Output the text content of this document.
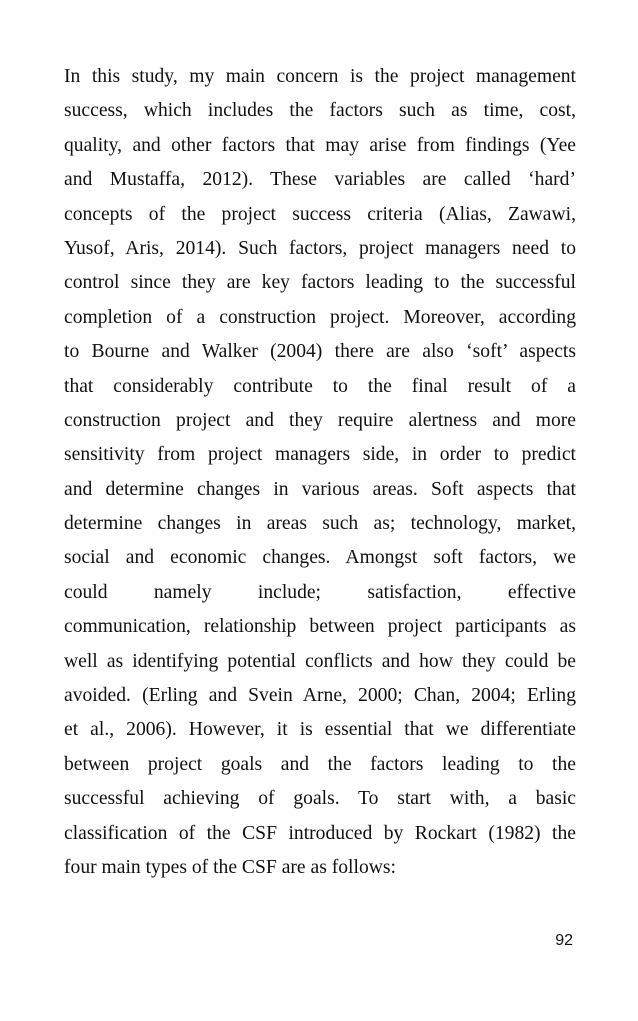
In this study, my main concern is the project management
success, which includes the factors such as time, cost,
quality, and other factors that may arise from findings (Yee
and Mustaffa, 2012). These variables are called ‘hard’
concepts of the project success criteria (Alias, Zawawi,
Yusof, Aris, 2014). Such factors, project managers need to
control since they are key factors leading to the successful
completion of a construction project. Moreover, according
to Bourne and Walker (2004) there are also ‘soft’ aspects
that considerably contribute to the final result of a
construction project and they require alertness and more
sensitivity from project managers side, in order to predict
and determine changes in various areas. Soft aspects that
determine changes in areas such as; technology, market,
social and economic changes. Amongst soft factors, we
could namely include; satisfaction, effective
communication, relationship between project participants as
well as identifying potential conflicts and how they could be
avoided. (Erling and Svein Arne, 2000; Chan, 2004; Erling
et al., 2006). However, it is essential that we differentiate
between project goals and the factors leading to the
successful achieving of goals. To start with, a basic
classification of the CSF introduced by Rockart (1982) the
four main types of the CSF are as follows:

92
